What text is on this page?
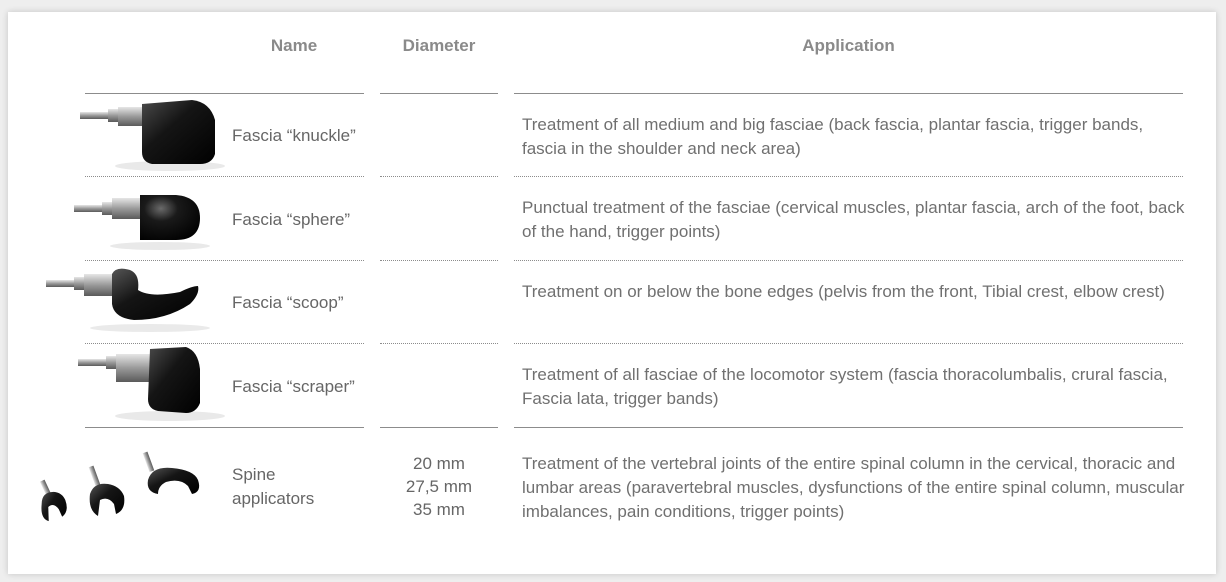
Name	Diameter	Application
Fascia “knuckle”
Treatment of all medium and big fasciae (back fascia, plantar fascia, trigger bands, fascia in the shoulder and neck area)
Fascia “sphere”
Punctual treatment of the fasciae (cervical muscles, plantar fascia, arch of the foot, back of the hand, trigger points)
Fascia “scoop”
Treatment on or below the bone edges (pelvis from the front, Tibial crest, elbow crest)
Fascia “scraper”
Treatment of all fasciae of the locomotor system (fascia thoracolumbalis, crural fascia, Fascia lata, trigger bands)
Spine
applicators
20 mm
27,5 mm
35 mm
Treatment of the vertebral joints of the entire spinal column in the cervical, thoracic and lumbar areas (paravertebral muscles, dysfunctions of the entire spinal column, muscular imbalances, pain conditions, trigger points)
